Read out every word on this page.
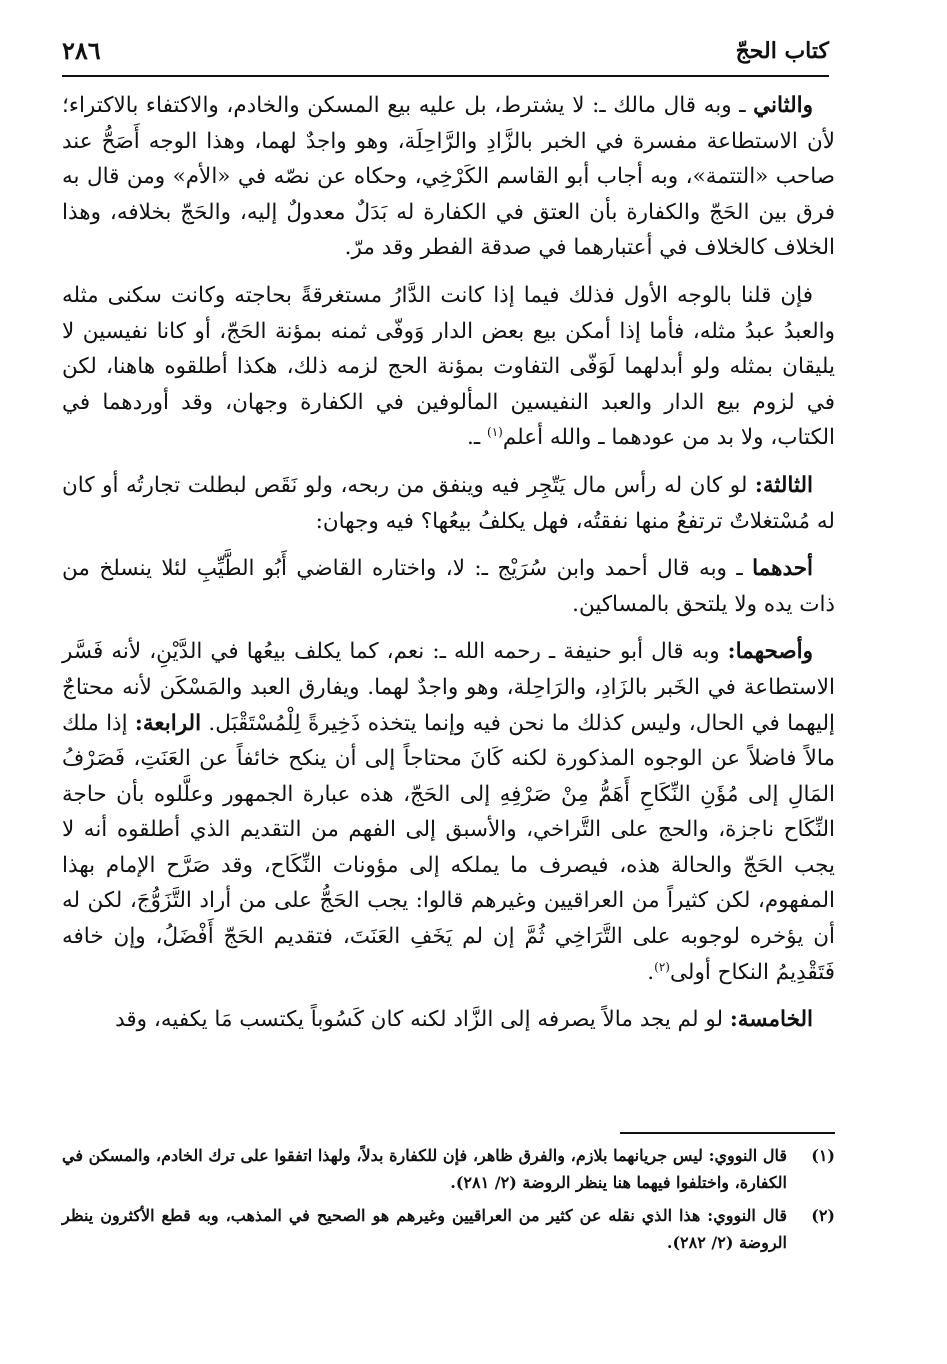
كتاب الحجّ
٢٨٦

والثاني ـ وبه قال مالك ـ: لا يشترط، بل عليه بيع المسكن والخادم، والاكتفاء بالاكتراء؛ لأن الاستطاعة مفسرة في الخبر بالزَّادِ والرَّاحِلَة، وهو واجدٌ لهما، وهذا الوجه أَصَحُّ عند صاحب «التتمة»، وبه أجاب أبو القاسم الكَرْخِي، وحكاه عن نصّه في «الأم» ومن قال به فرق بين الحَجّ والكفارة بأن العتق في الكفارة له بَدَلٌ معدولٌ إليه، والحَجّ بخلافه، وهذا الخلاف كالخلاف في أعتبارهما في صدقة الفطر وقد مرّ.

فإن قلنا بالوجه الأول فذلك فيما إذا كانت الدَّارُ مستغرقةً بحاجته وكانت سكنى مثله والعبدُ عبدُ مثله، فأما إذا أمكن بيع بعض الدار وَوفّى ثمنه بمؤنة الحَجّ، أو كانا نفيسين لا يليقان بمثله ولو أبدلهما لَوَفّى التفاوت بمؤنة الحج لزمه ذلك، هكذا أطلقوه هاهنا، لكن في لزوم بيع الدار والعبد النفيسين المألوفين في الكفارة وجهان، وقد أوردهما في الكتاب، ولا بد من عودهما ـ والله أعلم$^{(١)}$ ـ.

الثالثة: لو كان له رأس مال يَتّجِر فيه وينفق من ربحه، ولو نَقَص لبطلت تجارتُه أو كان له مُسْتغلاتٌ ترتفعُ منها نفقتُه، فهل يكلفُ بيعُها؟ فيه وجهان:

أحدهما ـ وبه قال أحمد وابن سُرَيْج ـ: لا، واختاره القاضي أَبُو الطَّيِّبِ لئلا ينسلخ من ذات يده ولا يلتحق بالمساكين.

وأصحهما: وبه قال أبو حنيفة ـ رحمه الله ـ: نعم، كما يكلف بيعُها في الدَّيْنِ، لأنه فَسَّر الاستطاعة في الخَبر بالزَادِ، والرَاحِلة، وهو واجدٌ لهما. ويفارق العبد والمَسْكَن لأنه محتاجٌ إليهما في الحال، وليس كذلك ما نحن فيه وإنما يتخذه ذَخِيرةً لِلْمُسْتَقْبَل. الرابعة: إذا ملك مالاً فاضلاً عن الوجوه المذكورة لكنه كَانَ محتاجاً إلى أن ينكح خائفاً عن العَنَتِ، فَصَرْفُ المَالِ إلى مُؤَنِ النِّكَاحِ أَهَمُّ مِنْ صَرْفِهِ إلى الحَجّ، هذه عبارة الجمهور وعلَّلوه بأن حاجة النِّكَاح ناجزة، والحج على التَّراخي، والأسبق إلى الفهم من التقديم الذي أطلقوه أنه لا يجب الحَجّ والحالة هذه، فيصرف ما يملكه إلى مؤونات النِّكَاح، وقد صَرَّح الإمام بهذا المفهوم، لكن كثيراً من العراقيين وغيرهم قالوا: يجب الحَجُّ على من أراد التَّزَوُّجَ، لكن له أن يؤخره لوجوبه على التَّرَاخِي ثُمَّ إن لم يَخَفِ العَنَتَ، فتقديم الحَجّ أَفْضَلُ، وإن خافه فَتَقْدِيمُ النكاح أولى$^{(٢)}$.

الخامسة: لو لم يجد مالاً يصرفه إلى الزَّاد لكنه كان كَسُوباً يكتسب مَا يكفيه، وقد

(١)
قال النووي: ليس جريانهما بلازم، والفرق ظاهر، فإن للكفارة بدلاً، ولهذا اتفقوا على ترك الخادم، والمسكن في الكفارة، واختلفوا فيهما هنا ينظر الروضة (٢/ ٢٨١).
(٢)
قال النووي: هذا الذي نقله عن كثير من العراقيين وغيرهم هو الصحيح في المذهب، وبه قطع الأكثرون ينظر الروضة (٢/ ٢٨٢).
